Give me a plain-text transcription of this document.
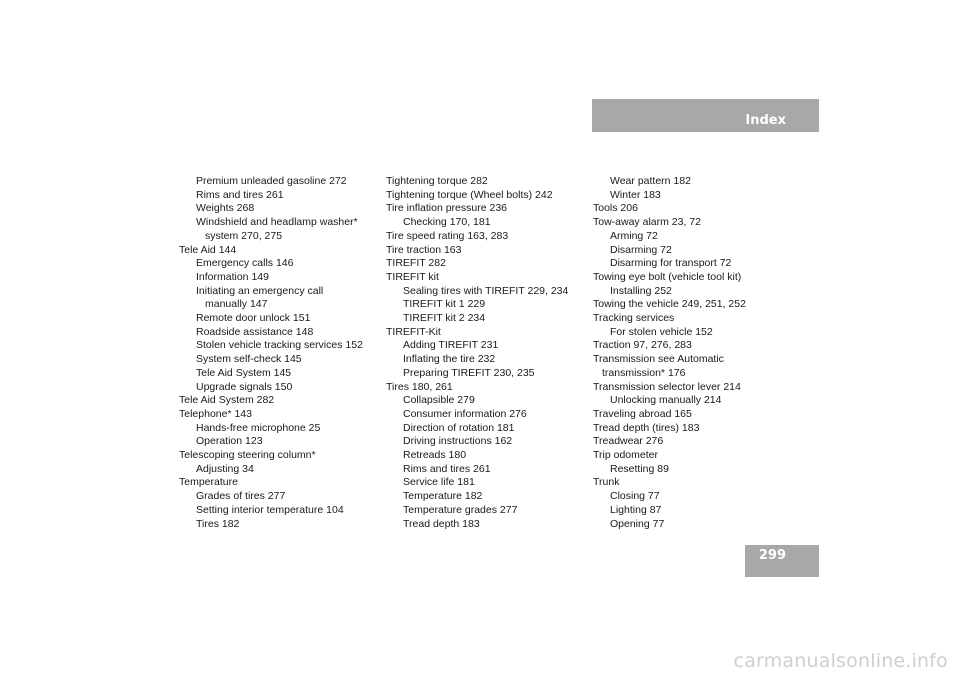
Index
Premium unleaded gasoline 272
Rims and tires 261
Weights 268
Windshield and headlamp washer*
system 270, 275
Tele Aid 144
Emergency calls 146
Information 149
Initiating an emergency call
manually 147
Remote door unlock 151
Roadside assistance 148
Stolen vehicle tracking services 152
System self-check 145
Tele Aid System 145
Upgrade signals 150
Tele Aid System 282
Telephone* 143
Hands-free microphone 25
Operation 123
Telescoping steering column*
Adjusting 34
Temperature
Grades of tires 277
Setting interior temperature 104
Tires 182
Tightening torque 282
Tightening torque (Wheel bolts) 242
Tire inflation pressure 236
Checking 170, 181
Tire speed rating 163, 283
Tire traction 163
TIREFIT 282
TIREFIT kit
Sealing tires with TIREFIT 229, 234
TIREFIT kit 1 229
TIREFIT kit 2 234
TIREFIT-Kit
Adding TIREFIT 231
Inflating the tire 232
Preparing TIREFIT 230, 235
Tires 180, 261
Collapsible 279
Consumer information 276
Direction of rotation 181
Driving instructions 162
Retreads 180
Rims and tires 261
Service life 181
Temperature 182
Temperature grades 277
Tread depth 183
Wear pattern 182
Winter 183
Tools 206
Tow-away alarm 23, 72
Arming 72
Disarming 72
Disarming for transport 72
Towing eye bolt (vehicle tool kit)
Installing 252
Towing the vehicle 249, 251, 252
Tracking services
For stolen vehicle 152
Traction 97, 276, 283
Transmission see Automatic
transmission* 176
Transmission selector lever 214
Unlocking manually 214
Traveling abroad 165
Tread depth (tires) 183
Treadwear 276
Trip odometer
Resetting 89
Trunk
Closing 77
Lighting 87
Opening 77
299
carmanualsonline.info
